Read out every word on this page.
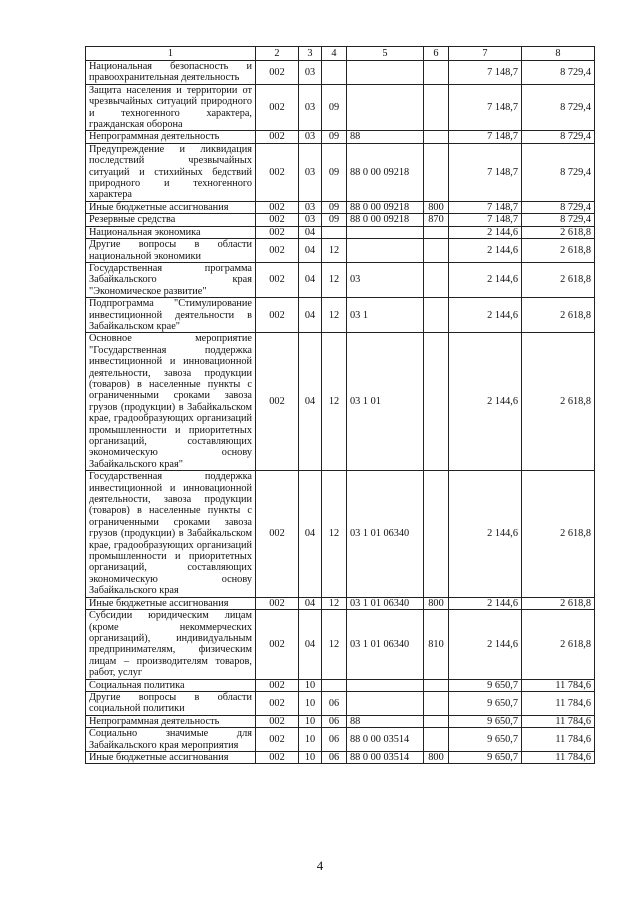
1	2	3	4	5	6	7	8
Национальная безопасность и правоохранительная деятельность	002	03				7 148,7	8 729,4
Защита населения и территории от чрезвычайных ситуаций природного и техногенного характера, гражданская оборона	002	03	09			7 148,7	8 729,4
Непрограммная деятельность	002	03	09	88		7 148,7	8 729,4
Предупреждение и ликвидация последствий чрезвычайных ситуаций и стихийных бедствий природного и техногенного характера	002	03	09	88 0 00 09218		7 148,7	8 729,4
Иные бюджетные ассигнования	002	03	09	88 0 00 09218	800	7 148,7	8 729,4
Резервные средства	002	03	09	88 0 00 09218	870	7 148,7	8 729,4
Национальная экономика	002	04				2 144,6	2 618,8
Другие вопросы в области национальной экономики	002	04	12			2 144,6	2 618,8
Государственная программа Забайкальского края "Экономическое развитие"	002	04	12	03		2 144,6	2 618,8
Подпрограмма "Стимулирование инвестиционной деятельности в Забайкальском крае"	002	04	12	03 1		2 144,6	2 618,8
Основное мероприятие "Государственная поддержка инвестиционной и инновационной деятельности, завоза продукции (товаров) в населенные пункты с ограниченными сроками завоза грузов (продукции) в Забайкальском крае, градообразующих организаций промышленности и приоритетных организаций, составляющих экономическую основу Забайкальского края"	002	04	12	03 1 01		2 144,6	2 618,8
Государственная поддержка инвестиционной и инновационной деятельности, завоза продукции (товаров) в населенные пункты с ограниченными сроками завоза грузов (продукции) в Забайкальском крае, градообразующих организаций промышленности и приоритетных организаций, составляющих экономическую основу Забайкальского края	002	04	12	03 1 01 06340		2 144,6	2 618,8
Иные бюджетные ассигнования	002	04	12	03 1 01 06340	800	2 144,6	2 618,8
Субсидии юридическим лицам (кроме некоммерческих организаций), индивидуальным предпринимателям, физическим лицам – производителям товаров, работ, услуг	002	04	12	03 1 01 06340	810	2 144,6	2 618,8
Социальная политика	002	10				9 650,7	11 784,6
Другие вопросы в области социальной политики	002	10	06			9 650,7	11 784,6
Непрограммная деятельность	002	10	06	88		9 650,7	11 784,6
Социально значимые для Забайкальского края мероприятия	002	10	06	88 0 00 03514		9 650,7	11 784,6
Иные бюджетные ассигнования	002	10	06	88 0 00 03514	800	9 650,7	11 784,6
4
